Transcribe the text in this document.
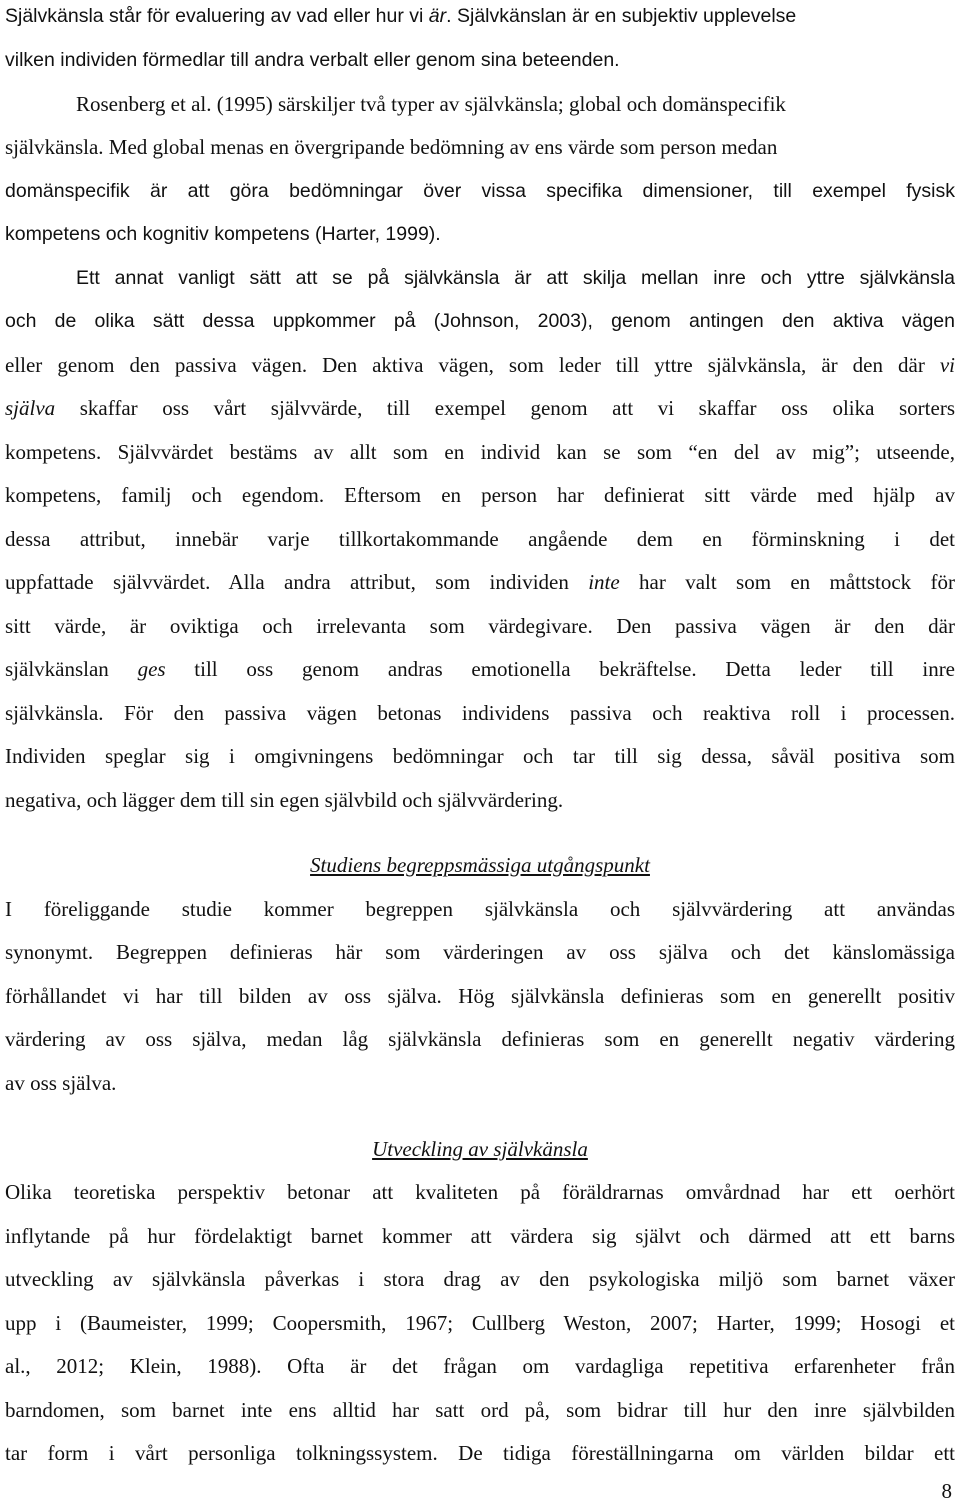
Självkänsla står för evaluering av vad eller hur vi är. Självkänslan är en subjektiv upplevelse
vilken individen förmedlar till andra verbalt eller genom sina beteenden.
Rosenberg et al. (1995) särskiljer två typer av självkänsla; global och domänspecifik
självkänsla. Med global menas en övergripande bedömning av ens värde som person medan
domänspecifik är att göra bedömningar över vissa specifika dimensioner, till exempel fysisk
kompetens och kognitiv kompetens (Harter, 1999).
Ett annat vanligt sätt att se på självkänsla är att skilja mellan inre och yttre självkänsla
och de olika sätt dessa uppkommer på (Johnson, 2003), genom antingen den aktiva vägen
eller genom den passiva vägen. Den aktiva vägen, som leder till yttre självkänsla, är den där vi
själva skaffar oss vårt självvärde, till exempel genom att vi skaffar oss olika sorters
kompetens. Självvärdet bestäms av allt som en individ kan se som “en del av mig”; utseende,
kompetens, familj och egendom. Eftersom en person har definierat sitt värde med hjälp av
dessa attribut, innebär varje tillkortakommande angående dem en förminskning i det
uppfattade självvärdet. Alla andra attribut, som individen inte har valt som en måttstock för
sitt värde, är oviktiga och irrelevanta som värdegivare. Den passiva vägen är den där
självkänslan ges till oss genom andras emotionella bekräftelse. Detta leder till inre
självkänsla. För den passiva vägen betonas individens passiva och reaktiva roll i processen.
Individen speglar sig i omgivningens bedömningar och tar till sig dessa, såväl positiva som
negativa, och lägger dem till sin egen självbild och självvärdering.
Studiens begreppsmässiga utgångspunkt
I föreliggande studie kommer begreppen självkänsla och självvärdering att användas
synonymt. Begreppen definieras här som värderingen av oss själva och det känslomässiga
förhållandet vi har till bilden av oss själva. Hög självkänsla definieras som en generellt positiv
värdering av oss själva, medan låg självkänsla definieras som en generellt negativ värdering
av oss själva.
Utveckling av självkänsla
Olika teoretiska perspektiv betonar att kvaliteten på föräldrarnas omvårdnad har ett oerhört
inflytande på hur fördelaktigt barnet kommer att värdera sig självt och därmed att ett barns
utveckling av självkänsla påverkas i stora drag av den psykologiska miljö som barnet växer
upp i (Baumeister, 1999; Coopersmith, 1967; Cullberg Weston, 2007; Harter, 1999; Hosogi et
al., 2012; Klein, 1988). Ofta är det frågan om vardagliga repetitiva erfarenheter från
barndomen, som barnet inte ens alltid har satt ord på, som bidrar till hur den inre självbilden
tar form i vårt personliga tolkningssystem. De tidiga föreställningarna om världen bildar ett
8
